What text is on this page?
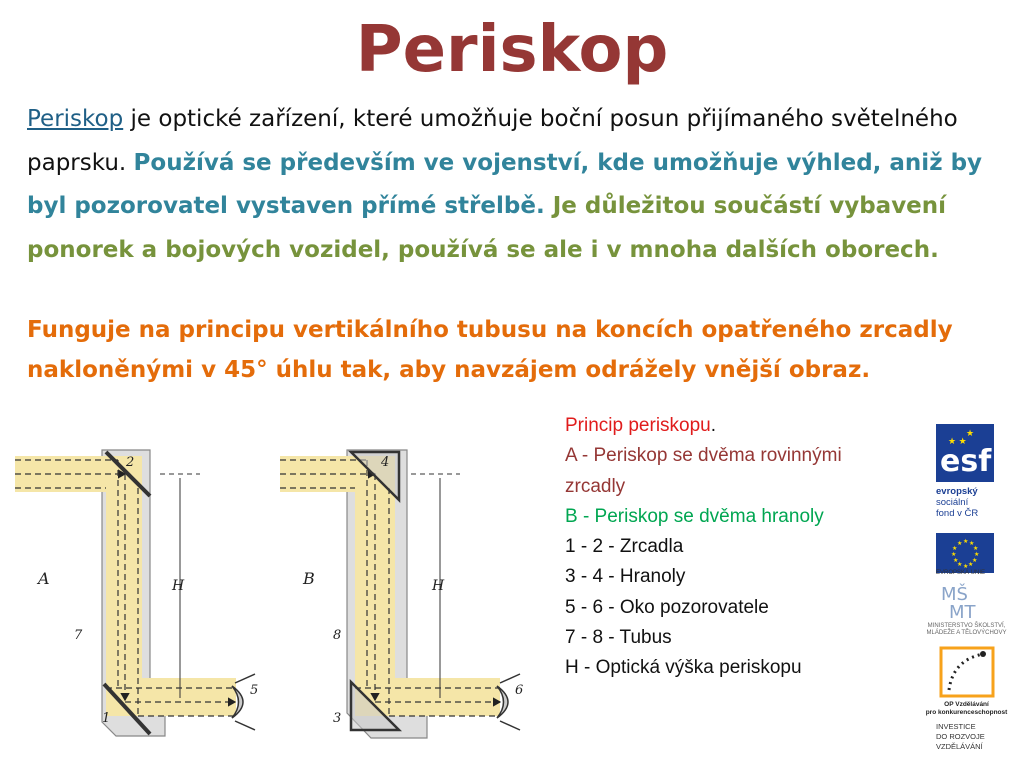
Periskop
Periskop je optické zařízení, které umožňuje boční posun přijímaného světelného paprsku. Používá se především ve vojenství, kde umožňuje výhled, aniž by byl pozorovatel vystaven přímé střelbě. Je důležitou součástí vybavení ponorek a bojových vozidel, používá se ale i v mnoha dalších oborech.
Funguje na principu vertikálního tubusu na koncích opatřeného zrcadly nakloněnými v 45° úhlu tak, aby navzájem odrážely vnější obraz.
A
2
H
7
1
5
B
4
H
8
3
6
Princip periskopu.
A - Periskop se dvěma rovinnými zrcadly
B - Periskop se dvěma hranoly
1 - 2 - Zrcadla
3 - 4 - Hranoly
5 - 6 - Oko pozorovatele
7 - 8 - Tubus
H - Optická výška periskopu
esf
★ ★
★
evropský
sociální
fond v ČR
★ ★
★
★
★
★
★
★
★
★
★
★
EVROPSKÁ UNIE
MŠ
MT
MINISTERSTVO ŠKOLSTVÍ,
MLÁDEŽE A TĚLOVÝCHOVY
OP Vzdělávání
pro konkurenceschopnost
INVESTICE
DO ROZVOJE
VZDĚLÁVÁNÍ
